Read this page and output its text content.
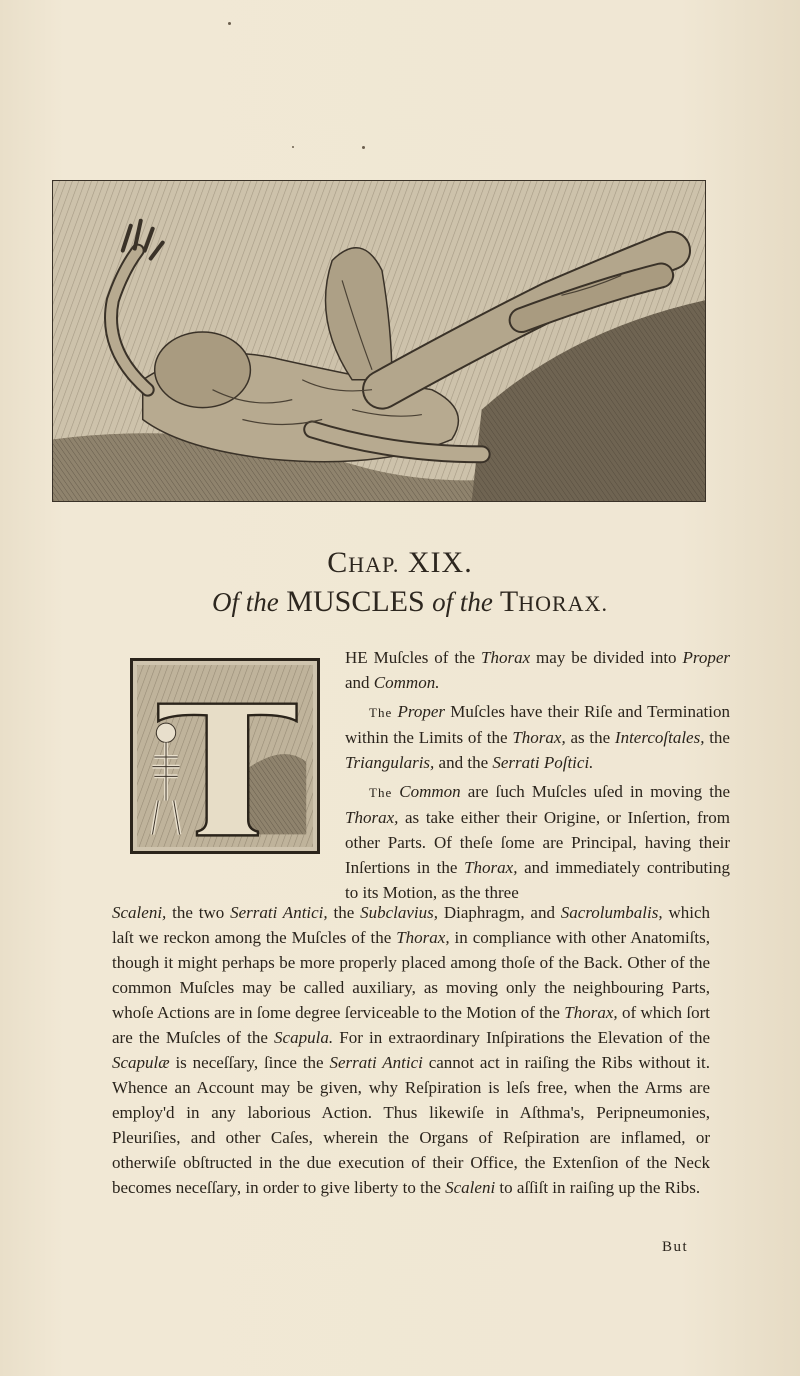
CHAP. XIX.
Of the MUSCLES of the THORAX.

HE Muſcles of the Thorax may be divided into Proper and Common.

The Proper Muſcles have their Riſe and Termination within the Limits of the Thorax, as the Intercoſtales, the Triangularis, and the Serrati Poſtici.

The Common are ſuch Muſcles uſed in moving the Thorax, as take either their Origine, or Inſertion, from other Parts. Of theſe ſome are Principal, having their Inſertions in the Thorax, and immediately contributing to its Motion, as the three

Scaleni, the two Serrati Antici, the Subclavius, Diaphragm, and Sacrolumbalis, which laſt we reckon among the Muſcles of the Thorax, in compliance with other Anatomiſts, though it might perhaps be more properly placed among thoſe of the Back. Other of the common Muſcles may be called auxiliary, as moving only the neighbouring Parts, whoſe Actions are in ſome degree ſerviceable to the Motion of the Thorax, of which ſort are the Muſcles of the Scapula. For in extraordinary Inſpirations the Elevation of the Scapulæ is neceſſary, ſince the Serrati Antici cannot act in raiſing the Ribs without it. Whence an Account may be given, why Reſpiration is leſs free, when the Arms are employ'd in any laborious Action. Thus likewiſe in Aſthma's, Peripneumonies, Pleuriſies, and other Caſes, wherein the Organs of Reſpiration are inflamed, or otherwiſe obſtructed in the due execution of their Office, the Extenſion of the Neck becomes neceſſary, in order to give liberty to the Scaleni to aſſiſt in raiſing up the Ribs.

But
